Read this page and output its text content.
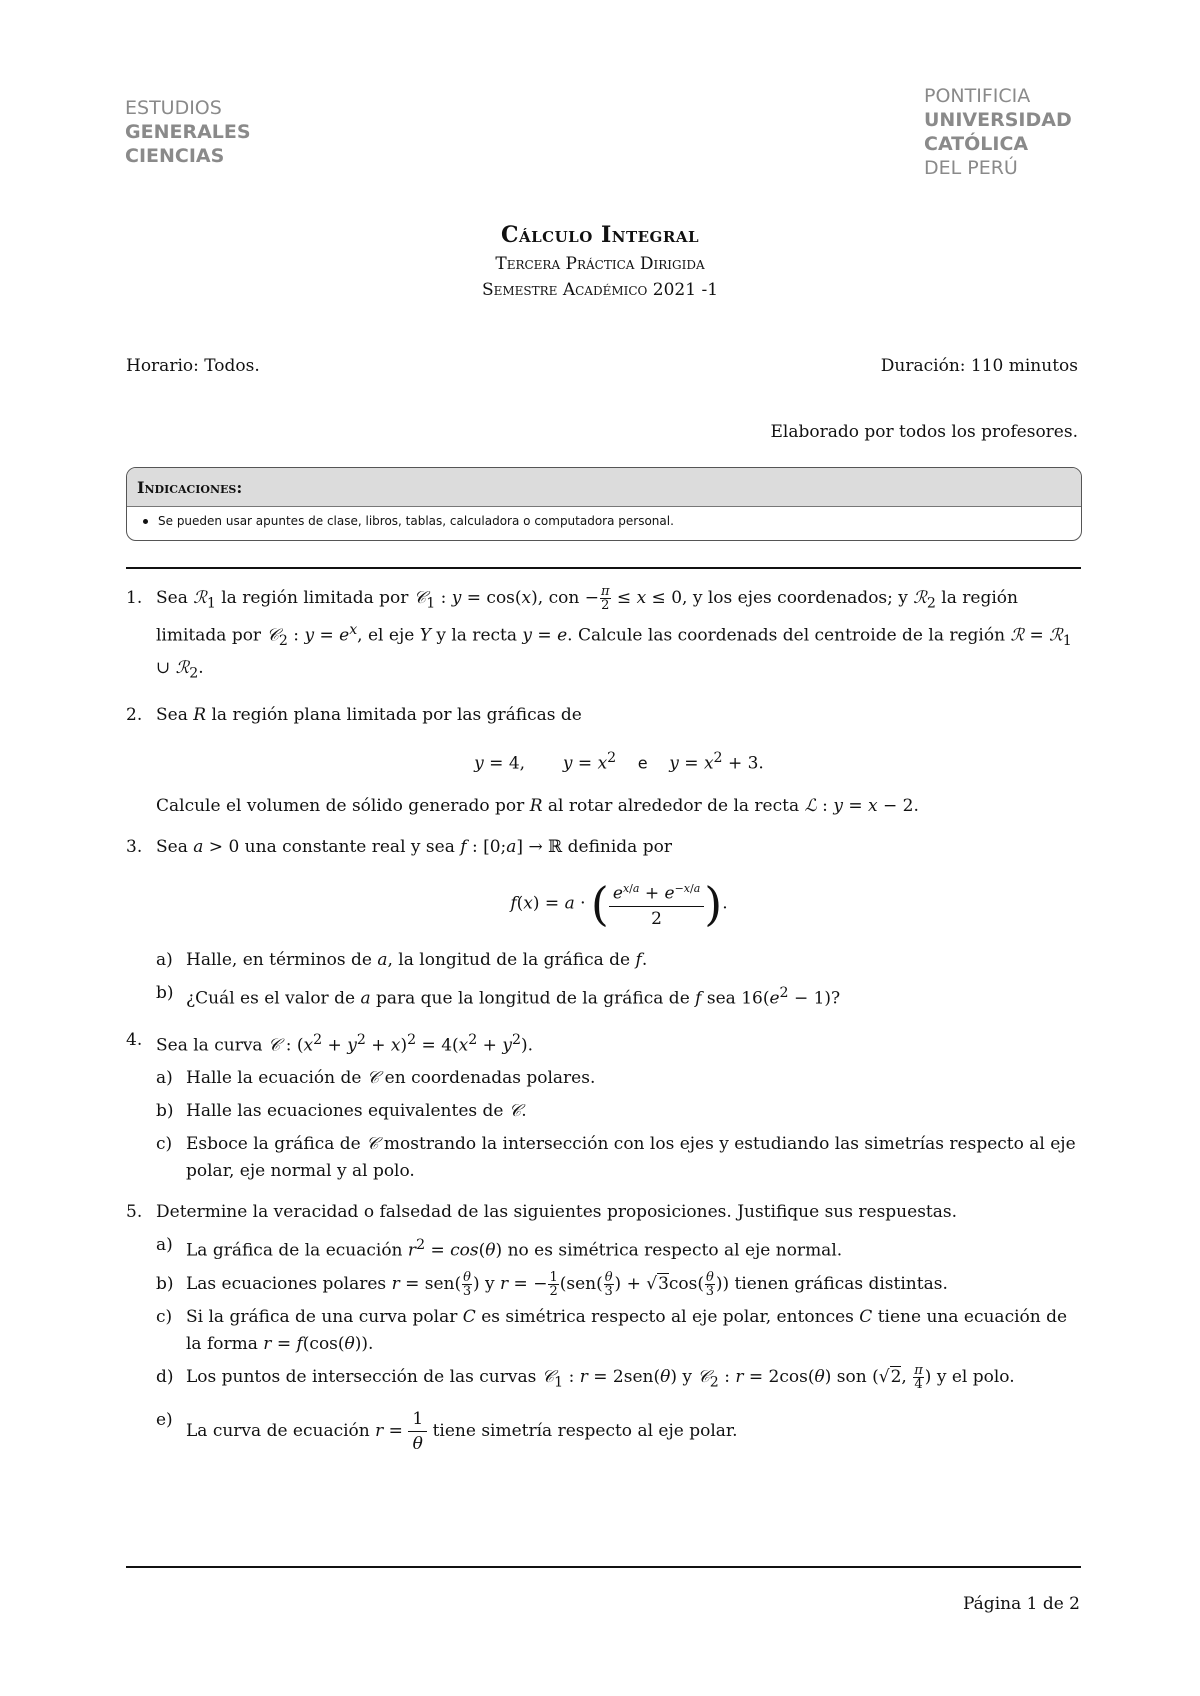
ESTUDIOS
GENERALES
CIENCIAS
PONTIFICIA
UNIVERSIDAD
CATÓLICA
DEL PERÚ
Cálculo Integral
Tercera Práctica Dirigida
Semestre Académico 2021 -1
Horario: Todos.	Duración: 110 minutos
Elaborado por todos los profesores.
Indicaciones:
Se pueden usar apuntes de clase, libros, tablas, calculadora o computadora personal.
1. Sea ℛ$_1$ la región limitada por 𝒞$_1$ : y = cos(x), con − $\frac{\pi}{2} \le x \le 0$, y los ejes coordenados; y ℛ$_2$ la región limitada por 𝒞$_2$ : $y = e^x$, el eje Y y la recta y = e. Calcule las coordenads del centroide de la región ℛ = ℛ$_1$ ∪ ℛ$_2$.
2. Sea R la región plana limitada por las gráficas de
y = 4,       $y = x^2$ e $y = x^2 + 3$.
Calcule el volumen de sólido generado por R al rotar alrededor de la recta ℒ : y = x − 2.
3. Sea a > 0 una constante real y sea f : [0;a] → ℝ definida por
f(x) = a · ( $\frac{e^{x/a} + e^{-x/a}}{2}$ ).
a) Halle, en términos de a, la longitud de la gráfica de f.
b) ¿Cuál es el valor de a para que la longitud de la gráfica de f sea $16(e^2 - 1)$?
4. Sea la curva 𝒞 : $(x^2 + y^2 + x)^2 = 4(x^2 + y^2)$.
a) Halle la ecuación de 𝒞 en coordenadas polares.
b) Halle las ecuaciones equivalentes de 𝒞.
c) Esboce la gráfica de 𝒞 mostrando la intersección con los ejes y estudiando las simetrías respecto al eje polar, eje normal y al polo.
5. Determine la veracidad o falsedad de las siguientes proposiciones. Justifique sus respuestas.
a) La gráfica de la ecuación $r^2 = \cos(\theta)$ no es simétrica respecto al eje normal.
b) Las ecuaciones polares $r = sen( \frac{\theta}{3}$ ) y r = − $\frac{1}{2} (sen( \frac{\theta}{3}$ ) + $√3\cos( \frac{\theta}{3}$ )) tienen gráficas distintas.
c) Si la gráfica de una curva polar C es simétrica respecto al eje polar, entonces C tiene una ecuación de la forma r = f(cos(θ)).
d) Los puntos de intersección de las curvas 𝒞$_1$ : r = 2sen(θ) y 𝒞$_2$ : r = 2cos(θ) son (√2, $\frac{\pi}{4}$ ) y el polo.
e)
La curva de ecuación $r = \frac{1}{\theta}$ tiene simetría respecto al eje polar.
Página 1 de 2
